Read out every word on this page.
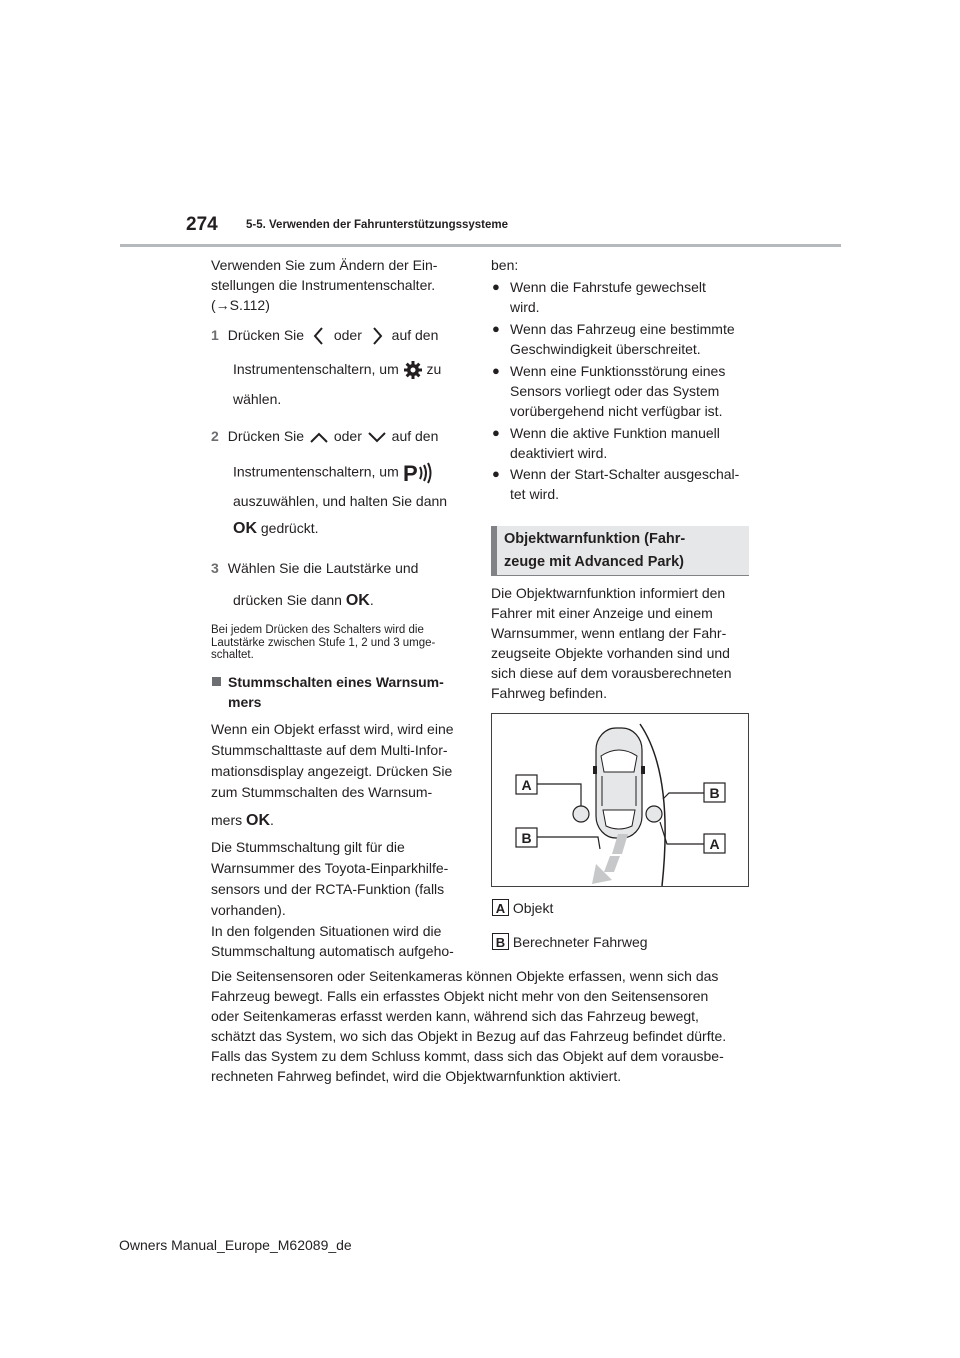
274 5-5. Verwenden der Fahrunterstützungssysteme
Verwenden Sie zum Ändern der Ein-
stellungen die Instrumentenschalter.
(→S.112)
1 Drücken Sie oder auf den
Instrumentenschaltern, um zu
wählen.
2 Drücken Sie oder auf den
Instrumentenschaltern, um P
auszuwählen, und halten Sie dann
OK gedrückt.
3 Wählen Sie die Lautstärke und
drücken Sie dann OK.
Bei jedem Drücken des Schalters wird die
Lautstärke zwischen Stufe 1, 2 und 3 umge-
schaltet.
Stummschalten eines Warnsum-
mers
Wenn ein Objekt erfasst wird, wird eine
Stummschalttaste auf dem Multi-Infor-
mationsdisplay angezeigt. Drücken Sie
zum Stummschalten des Warnsum-
mers OK.
Die Stummschaltung gilt für die
Warnsummer des Toyota-Einparkhilfe-
sensors und der RCTA-Funktion (falls
vorhanden).
In den folgenden Situationen wird die
Stummschaltung automatisch aufgeho-
ben:
● Wenn die Fahrstufe gewechselt
wird.
● Wenn das Fahrzeug eine bestimmte
Geschwindigkeit überschreitet.
● Wenn eine Funktionsstörung eines
Sensors vorliegt oder das System
vorübergehend nicht verfügbar ist.
● Wenn die aktive Funktion manuell
deaktiviert wird.
● Wenn der Start-Schalter ausgeschal-
tet wird.
Objektwarnfunktion (Fahr-
zeuge mit Advanced Park)
Die Objektwarnfunktion informiert den
Fahrer mit einer Anzeige und einem
Warnsummer, wenn entlang der Fahr-
zeugseite Objekte vorhanden sind und
sich diese auf dem vorausberechneten
Fahrweg befinden.
A
B
B
A
A Objekt
B Berechneter Fahrweg
Die Seitensensoren oder Seitenkameras können Objekte erfassen, wenn sich das
Fahrzeug bewegt. Falls ein erfasstes Objekt nicht mehr von den Seitensensoren
oder Seitenkameras erfasst werden kann, während sich das Fahrzeug bewegt,
schätzt das System, wo sich das Objekt in Bezug auf das Fahrzeug befindet dürfte.
Falls das System zu dem Schluss kommt, dass sich das Objekt auf dem vorausbe-
rechneten Fahrweg befindet, wird die Objektwarnfunktion aktiviert.
Owners Manual_Europe_M62089_de
